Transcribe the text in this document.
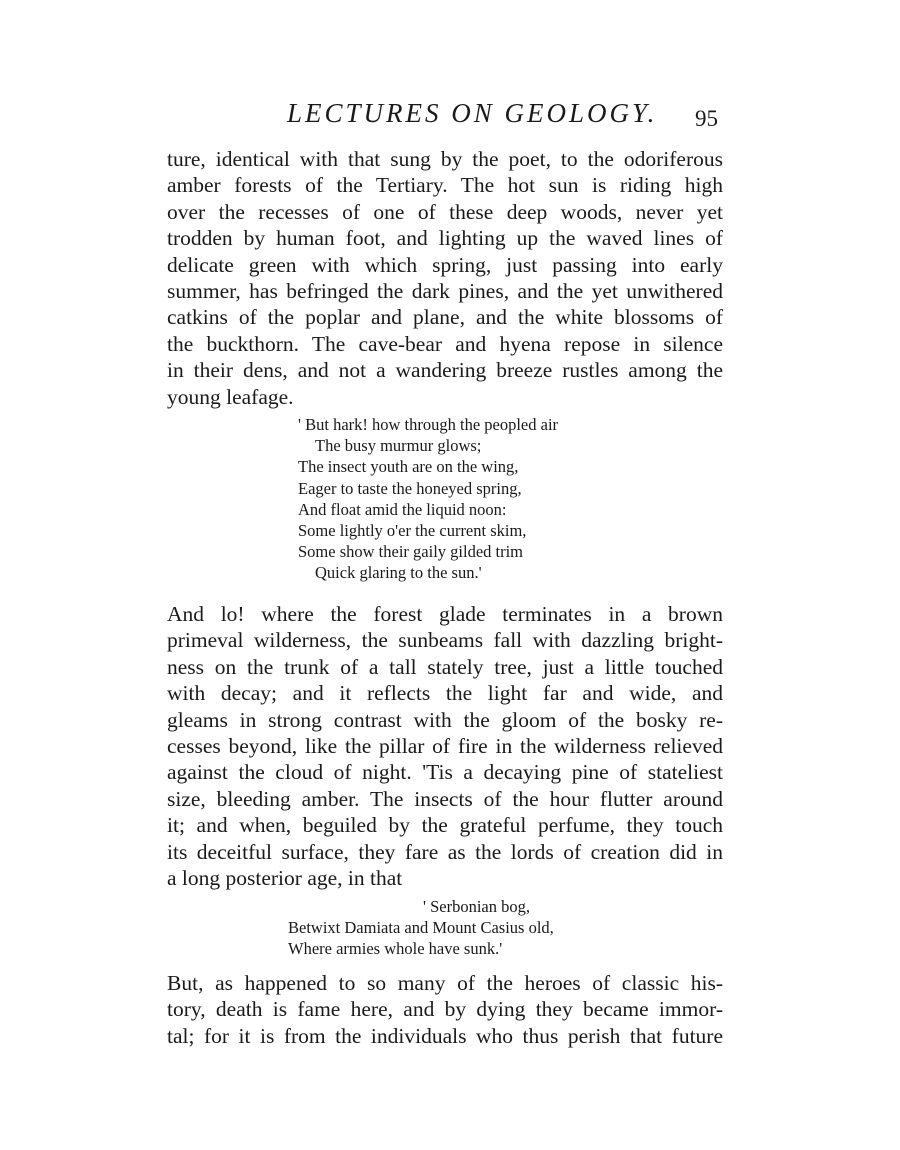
LECTURES ON GEOLOGY. 95
ture, identical with that sung by the poet, to the odoriferous
amber forests of the Tertiary. The hot sun is riding high
over the recesses of one of these deep woods, never yet
trodden by human foot, and lighting up the waved lines of
delicate green with which spring, just passing into early
summer, has befringed the dark pines, and the yet unwithered
catkins of the poplar and plane, and the white blossoms of
the buckthorn. The cave-bear and hyena repose in silence
in their dens, and not a wandering breeze rustles among the
young leafage.
' But hark! how through the peopled air
The busy murmur glows;
The insect youth are on the wing,
Eager to taste the honeyed spring,
And float amid the liquid noon:
Some lightly o'er the current skim,
Some show their gaily gilded trim
Quick glaring to the sun.'
And lo! where the forest glade terminates in a brown
primeval wilderness, the sunbeams fall with dazzling bright-
ness on the trunk of a tall stately tree, just a little touched
with decay; and it reflects the light far and wide, and
gleams in strong contrast with the gloom of the bosky re-
cesses beyond, like the pillar of fire in the wilderness relieved
against the cloud of night. 'Tis a decaying pine of stateliest
size, bleeding amber. The insects of the hour flutter around
it; and when, beguiled by the grateful perfume, they touch
its deceitful surface, they fare as the lords of creation did in
a long posterior age, in that
' Serbonian bog,
Betwixt Damiata and Mount Casius old,
Where armies whole have sunk.'
But, as happened to so many of the heroes of classic his-
tory, death is fame here, and by dying they became immor-
tal; for it is from the individuals who thus perish that future
